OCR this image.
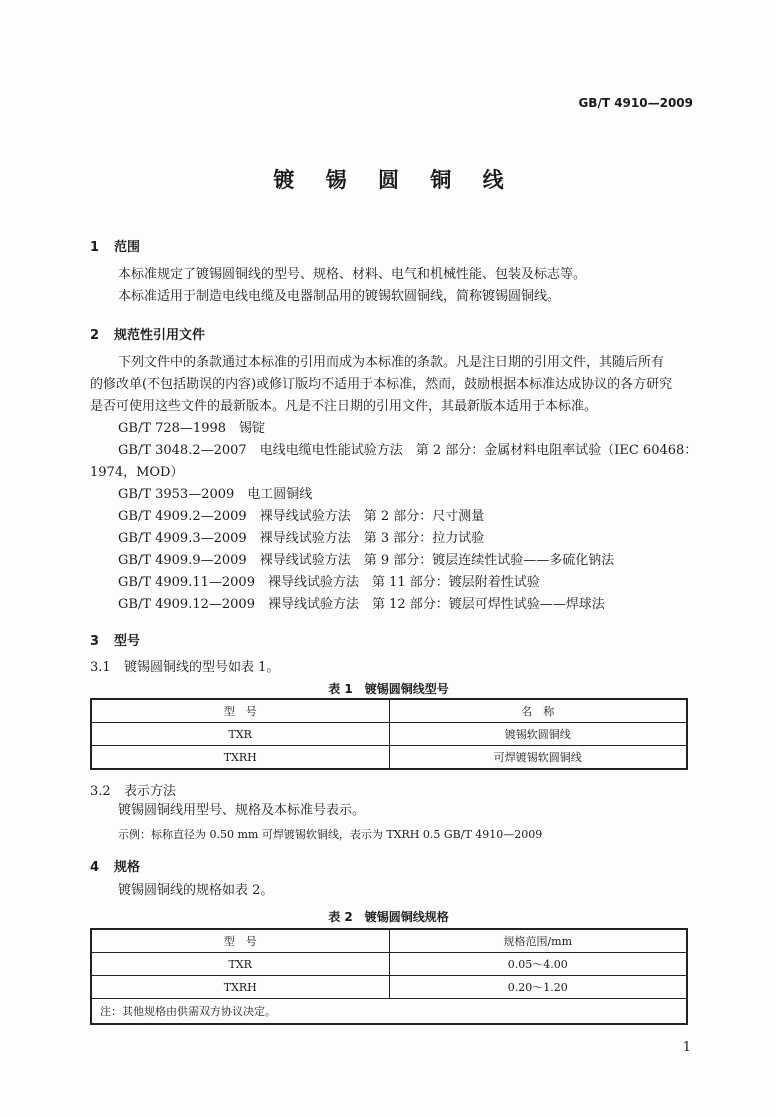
GB/T 4910—2009
镀 锡 圆 铜 线
1 范围
本标准规定了镀锡圆铜线的型号、规格、材料、电气和机械性能、包装及标志等。
本标准适用于制造电线电缆及电器制品用的镀锡软圆铜线，简称镀锡圆铜线。
2 规范性引用文件
下列文件中的条款通过本标准的引用而成为本标准的条款。凡是注日期的引用文件，其随后所有
的修改单(不包括勘误的内容)或修订版均不适用于本标准，然而，鼓励根据本标准达成协议的各方研究
是否可使用这些文件的最新版本。凡是不注日期的引用文件，其最新版本适用于本标准。
GB/T 728—1998　锡锭
GB/T 3048.2—2007　电线电缆电性能试验方法　第 2 部分：金属材料电阻率试验（IEC 60468：
1974，MOD）
GB/T 3953—2009　电工圆铜线
GB/T 4909.2—2009　裸导线试验方法　第 2 部分：尺寸测量
GB/T 4909.3—2009　裸导线试验方法　第 3 部分：拉力试验
GB/T 4909.9—2009　裸导线试验方法　第 9 部分：镀层连续性试验——多硫化钠法
GB/T 4909.11—2009　裸导线试验方法　第 11 部分：镀层附着性试验
GB/T 4909.12—2009　裸导线试验方法　第 12 部分：镀层可焊性试验——焊球法
3 型号
3.1 镀锡圆铜线的型号如表 1。
表 1　镀锡圆铜线型号
型　号	名　称
TXR	镀锡软圆铜线
TXRH	可焊镀锡软圆铜线
3.2 表示方法
镀锡圆铜线用型号、规格及本标准号表示。
示例：标称直径为 0.50 mm 可焊镀锡软铜线，表示为 TXRH 0.5 GB/T 4910—2009
4 规格
镀锡圆铜线的规格如表 2。
表 2　镀锡圆铜线规格
型　号	规格范围/mm
TXR	0.05～4.00
TXRH	0.20～1.20
注：其他规格由供需双方协议决定。	
1
